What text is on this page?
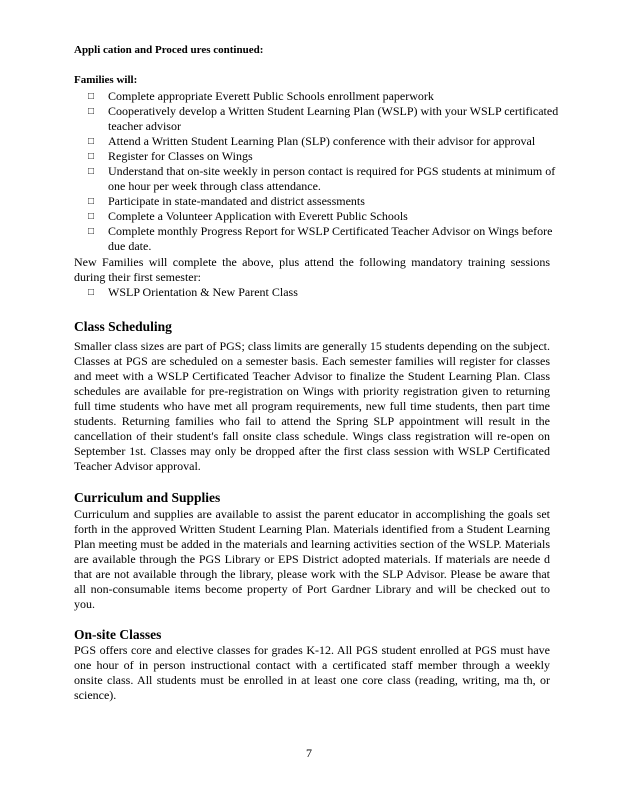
Appli cation and Proced ures continued:
Families will:
□ Complete appropriate Everett Public Schools enrollment paperwork
□ Cooperatively develop a Written Student Learning Plan (WSLP) with your WSLP certificated teacher advisor
□ Attend a Written Student Learning Plan (SLP) conference with their advisor for approval
□ Register for Classes on Wings
□ Understand that on-site weekly in person contact is required for PGS students at minimum of one hour per week through class attendance.
□ Participate in state-mandated and district assessments
□ Complete a Volunteer Application with Everett Public Schools
□ Complete monthly Progress Report for WSLP Certificated Teacher Advisor on Wings before due date.

New Families will complete the above, plus attend the following mandatory training sessions during their first semester:

□ WSLP Orientation & New Parent Class
Class Scheduling

Smaller class sizes are part of PGS; class limits are generally 15 students depending on the subject. Classes at PGS are scheduled on a semester basis. Each semester families will register for classes and meet with a WSLP Certificated Teacher Advisor to finalize the Student Learning Plan. Class schedules are available for pre-registration on Wings with priority registration given to returning full time students who have met all program requirements, new full time students, then part time students. Returning families who fail to attend the Spring SLP appointment will result in the cancellation of their student's fall onsite class schedule. Wings class registration will re-open on September 1st. Classes may only be dropped after the first class session with WSLP Certificated Teacher Advisor approval.

Curriculum and Supplies

Curriculum and supplies are available to assist the parent educator in accomplishing the goals set forth in the approved Written Student Learning Plan. Materials identified from a Student Learning Plan meeting must be added in the materials and learning activities section of the WSLP. Materials are available through the PGS Library or EPS District adopted materials. If materials are neede d that are not available through the library, please work with the SLP Advisor. Please be aware that all non-consumable items become property of Port Gardner Library and will be checked out to you.

On-site Classes

PGS offers core and elective classes for grades K-12. All PGS student enrolled at PGS must have one hour of in person instructional contact with a certificated staff member through a weekly onsite class. All students must be enrolled in at least one core class (reading, writing, ma th, or science).

7
